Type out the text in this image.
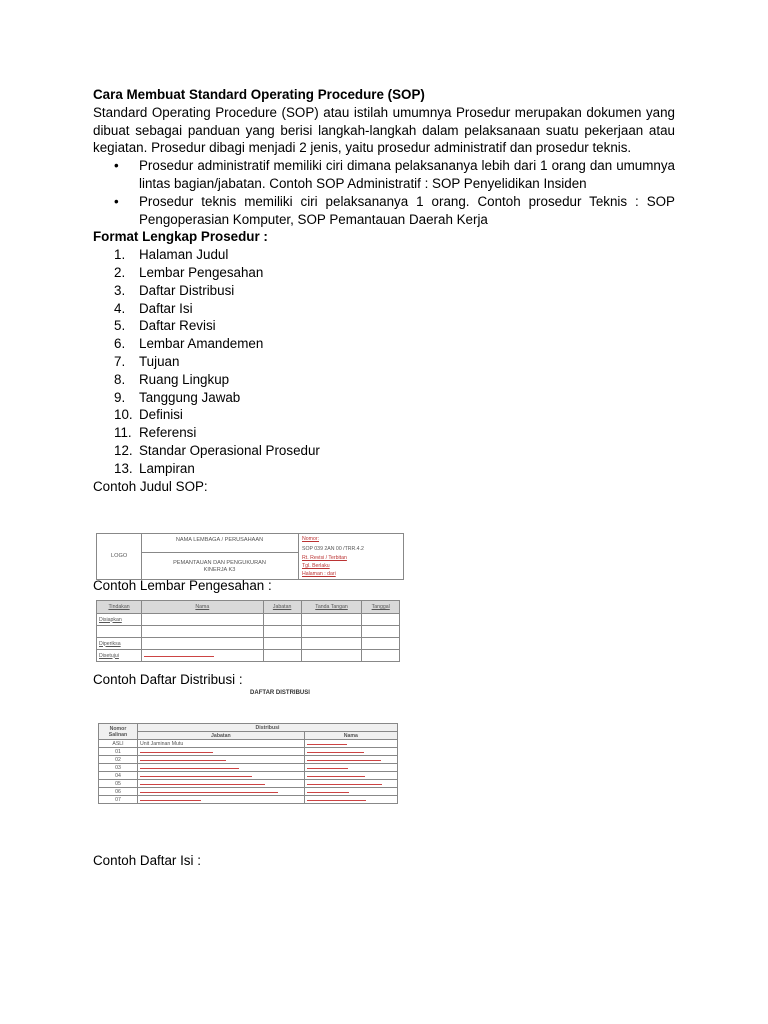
Cara Membuat Standard Operating Procedure (SOP)
Standard Operating Procedure (SOP) atau istilah umumnya Prosedur merupakan dokumen yang dibuat sebagai panduan yang berisi langkah-langkah dalam pelaksanaan suatu pekerjaan atau kegiatan. Prosedur dibagi menjadi 2 jenis, yaitu prosedur administratif dan prosedur teknis.
• Prosedur administratif memiliki ciri dimana pelaksananya lebih dari 1 orang dan umumnya lintas bagian/jabatan. Contoh SOP Administratif : SOP Penyelidikan Insiden
• Prosedur teknis memiliki ciri pelaksananya 1 orang. Contoh prosedur Teknis : SOP Pengoperasian Komputer, SOP Pemantauan Daerah Kerja
Format Lengkap Prosedur :
1. Halaman Judul
2. Lembar Pengesahan
3. Daftar Distribusi
4. Daftar Isi
5. Daftar Revisi
6. Lembar Amandemen
7. Tujuan
8. Ruang Lingkup
9. Tanggung Jawab
10. Definisi
11. Referensi
12. Standar Operasional Prosedur
13. Lampiran
Contoh Judul SOP:
Contoh Lembar Pengesahan :
Contoh Daftar Distribusi :
Contoh Daftar Isi :
LOGO
NAMA LEMBAGA / PERUSAHAAN
PEMANTAUAN DAN PENGUKURAN
KINERJA K3
Nomor:
SOP 039 2AN 00 /TRR.4.2
Rt. Revisi / Terbitan
Tgl. Berlaku
Halaman : dari
Tindakan	Nama	Jabatan	Tanda Tangan	Tanggal
Disiapkan				

Diperiksa				
Disetujui				
DAFTAR DISTRIBUSI
Nomor Salinan	Distribusi	
	Jabatan	Nama
ASLI	Unit Jaminan Mutu	
01		
02		
03		
04		
05		
06		
07		
